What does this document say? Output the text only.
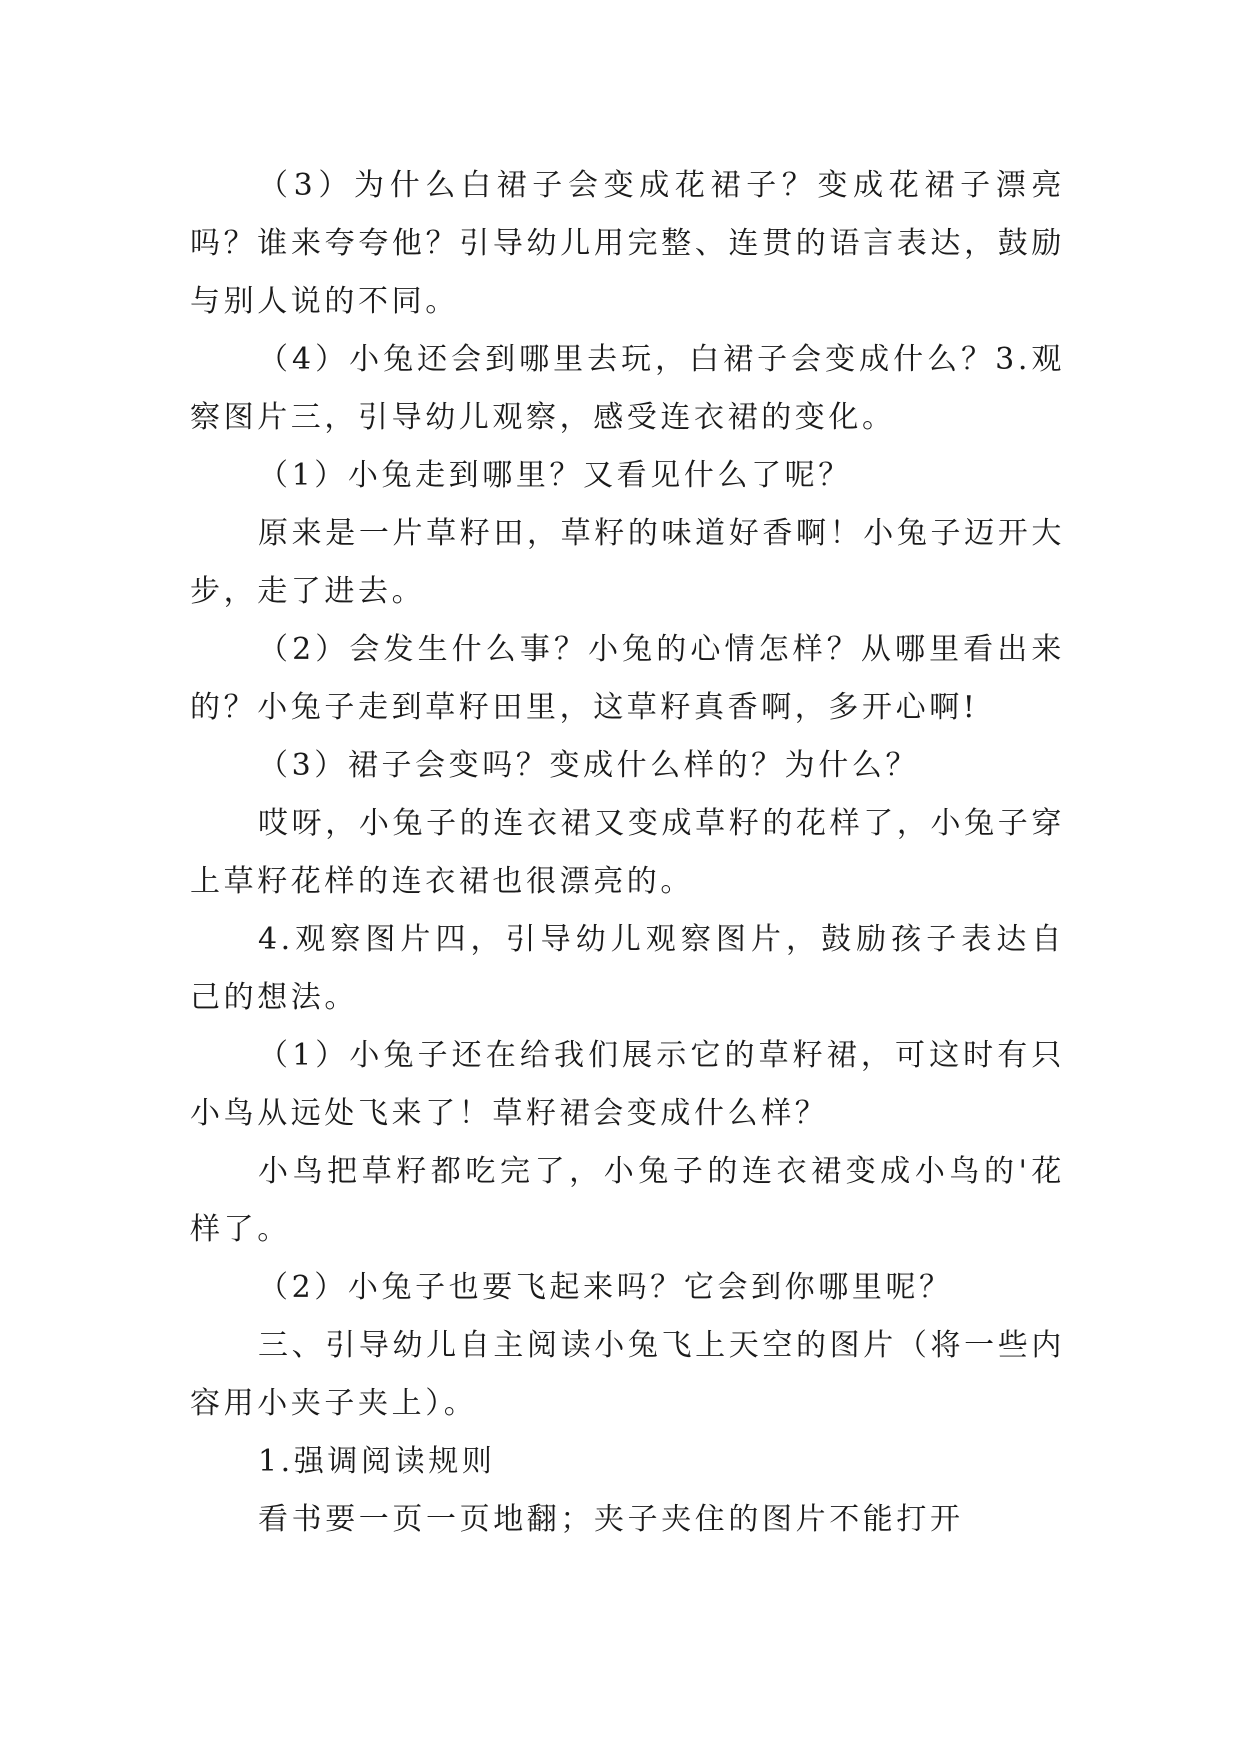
（3）为什么白裙子会变成花裙子？变成花裙子漂亮吗？谁来夸夸他？引导幼儿用完整、连贯的语言表达，鼓励与别人说的不同。

（4）小兔还会到哪里去玩，白裙子会变成什么？3.观察图片三，引导幼儿观察，感受连衣裙的变化。

（1）小兔走到哪里？又看见什么了呢？

原来是一片草籽田，草籽的味道好香啊！小兔子迈开大步，走了进去。

（2）会发生什么事？小兔的心情怎样？从哪里看出来的？小兔子走到草籽田里，这草籽真香啊，多开心啊!

（3）裙子会变吗？变成什么样的？为什么？

哎呀，小兔子的连衣裙又变成草籽的花样了，小兔子穿上草籽花样的连衣裙也很漂亮的。

4.观察图片四，引导幼儿观察图片，鼓励孩子表达自己的想法。

（1）小兔子还在给我们展示它的草籽裙，可这时有只小鸟从远处飞来了！草籽裙会变成什么样？

小鸟把草籽都吃完了，小兔子的连衣裙变成小鸟的'花样了。

（2）小兔子也要飞起来吗？它会到你哪里呢？

三、引导幼儿自主阅读小兔飞上天空的图片（将一些内容用小夹子夹上）。

1.强调阅读规则

看书要一页一页地翻；夹子夹住的图片不能打开
